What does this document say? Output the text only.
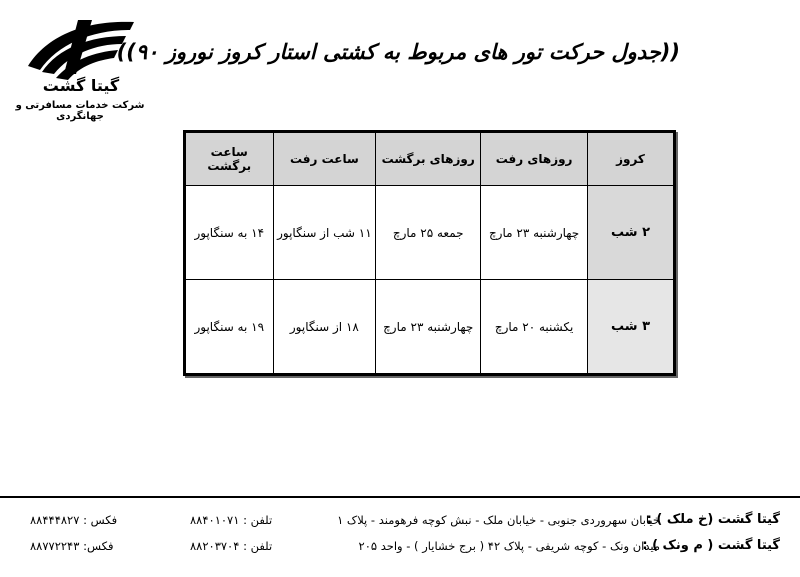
گیتا گشت
شرکت خدمات مسافرتی و جهانگردی
((جدول حرکت تور های مربوط به کشتی استار کروز نوروز ۹۰))
کروز	روزهای رفت	روزهای برگشت	ساعت رفت	ساعت برگشت
۲ شب	چهارشنبه ۲۳ مارچ	جمعه ۲۵ مارچ	۱۱ شب از سنگاپور	۱۴ به سنگاپور
۳ شب	یکشنبه ۲۰ مارچ	چهارشنبه ۲۳ مارچ	۱۸ از سنگاپور	۱۹ به سنگاپور
گیتا گشت (خ ملک ) :
خیابان سهروردی جنوبی - خیابان ملک - نبش کوچه فرهومند - پلاک ۱
تلفن : ۸۸۴۰۱۰۷۱
فکس : ۸۸۴۴۴۸۲۷
گیتا گشت ( م ونک ) :
میدان ونک - کوچه شریفی - پلاک ۴۲ ( برج خشایار ) - واحد ۲۰۵
تلفن : ۸۸۲۰۳۷۰۴
فکس: ۸۸۷۷۲۲۴۳
